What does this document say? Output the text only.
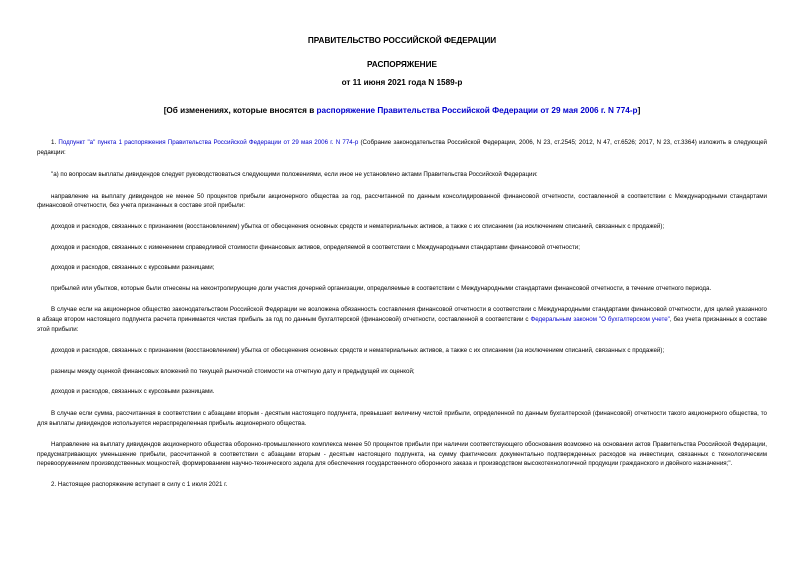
ПРАВИТЕЛЬСТВО РОССИЙСКОЙ ФЕДЕРАЦИИ
РАСПОРЯЖЕНИЕ
от 11 июня 2021 года N 1589-р
[Об изменениях, которые вносятся в распоряжение Правительства Российской Федерации от 29 мая 2006 г. N 774-р]

1. Подпункт "а" пункта 1 распоряжения Правительства Российской Федерации от 29 мая 2006 г. N 774-р (Собрание законодательства Российской Федерации, 2006, N 23, ст.2545; 2012, N 47, ст.6526; 2017, N 23, ст.3364) изложить в следующей редакции:

"а) по вопросам выплаты дивидендов следует руководствоваться следующими положениями, если иное не установлено актами Правительства Российской Федерации:

направление на выплату дивидендов не менее 50 процентов прибыли акционерного общества за год, рассчитанной по данным консолидированной финансовой отчетности, составленной в соответствии с Международными стандартами финансовой отчетности, без учета признанных в составе этой прибыли:

доходов и расходов, связанных с признанием (восстановлением) убытка от обесценения основных средств и нематериальных активов, а также с их списанием (за исключением списаний, связанных с продажей);

доходов и расходов, связанных с изменением справедливой стоимости финансовых активов, определяемой в соответствии с Международными стандартами финансовой отчетности;

доходов и расходов, связанных с курсовыми разницами;

прибылей или убытков, которые были отнесены на неконтролирующие доли участия дочерней организации, определяемые в соответствии с Международными стандартами финансовой отчетности, в течение отчетного периода.

В случае если на акционерное общество законодательством Российской Федерации не возложена обязанность составления финансовой отчетности в соответствии с Международными стандартами финансовой отчетности, для целей указанного в абзаце втором настоящего подпункта расчета принимается чистая прибыль за год по данным бухгалтерской (финансовой) отчетности, составленной в соответствии с Федеральным законом "О бухгалтерском учете", без учета признанных в составе этой прибыли:

доходов и расходов, связанных с признанием (восстановлением) убытка от обесценения основных средств и нематериальных активов, а также с их списанием (за исключением списаний, связанных с продажей);

разницы между оценкой финансовых вложений по текущей рыночной стоимости на отчетную дату и предыдущей их оценкой;

доходов и расходов, связанных с курсовыми разницами.

В случае если сумма, рассчитанная в соответствии с абзацами вторым - десятым настоящего подпункта, превышает величину чистой прибыли, определенной по данным бухгалтерской (финансовой) отчетности такого акционерного общества, то для выплаты дивидендов используется нераспределенная прибыль акционерного общества.

Направление на выплату дивидендов акционерного общества оборонно-промышленного комплекса менее 50 процентов прибыли при наличии соответствующего обоснования возможно на основании актов Правительства Российской Федерации, предусматривающих уменьшение прибыли, рассчитанной в соответствии с абзацами вторым - десятым настоящего подпункта, на сумму фактических документально подтвержденных расходов на инвестиции, связанных с технологическим перевооружением производственных мощностей, формированием научно-технического задела для обеспечения государственного оборонного заказа и производством высокотехнологичной продукции гражданского и двойного назначения;".

2. Настоящее распоряжение вступает в силу с 1 июля 2021 г.
